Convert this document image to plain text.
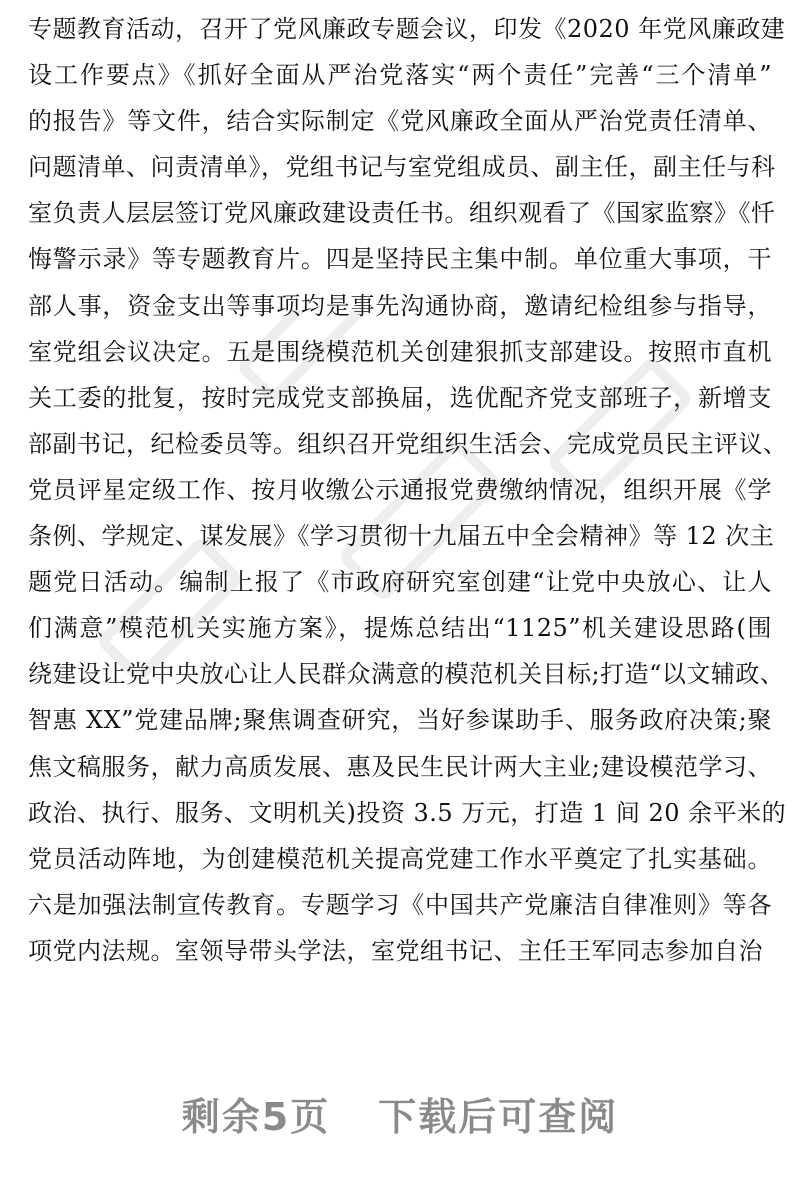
专题教育活动，召开了党风廉政专题会议，印发《2020 年党风廉政建
设工作要点》《抓好全面从严治党落实“两个责任”完善“三个清单”
的报告》等文件，结合实际制定《党风廉政全面从严治党责任清单、
问题清单、问责清单》，党组书记与室党组成员、副主任，副主任与科
室负责人层层签订党风廉政建设责任书。组织观看了《国家监察》《忏
悔警示录》等专题教育片。四是坚持民主集中制。单位重大事项，干
部人事，资金支出等事项均是事先沟通协商，邀请纪检组参与指导，
室党组会议决定。五是围绕模范机关创建狠抓支部建设。按照市直机
关工委的批复，按时完成党支部换届，选优配齐党支部班子，新增支
部副书记，纪检委员等。组织召开党组织生活会、完成党员民主评议、
党员评星定级工作、按月收缴公示通报党费缴纳情况，组织开展《学
条例、学规定、谋发展》《学习贯彻十九届五中全会精神》等 12 次主
题党日活动。编制上报了《市政府研究室创建“让党中央放心、让人
们满意”模范机关实施方案》，提炼总结出“1125”机关建设思路(围
绕建设让党中央放心让人民群众满意的模范机关目标;打造“以文辅政、
智惠 XX”党建品牌;聚焦调查研究，当好参谋助手、服务政府决策;聚
焦文稿服务，献力高质发展、惠及民生民计两大主业;建设模范学习、
政治、执行、服务、文明机关)投资 3.5 万元，打造 1 间 20 余平米的
党员活动阵地，为创建模范机关提高党建工作水平奠定了扎实基础。
六是加强法制宣传教育。专题学习《中国共产党廉洁自律准则》等各
项党内法规。室领导带头学法，室党组书记、主任王军同志参加自治
剩余5页 下载后可查阅
